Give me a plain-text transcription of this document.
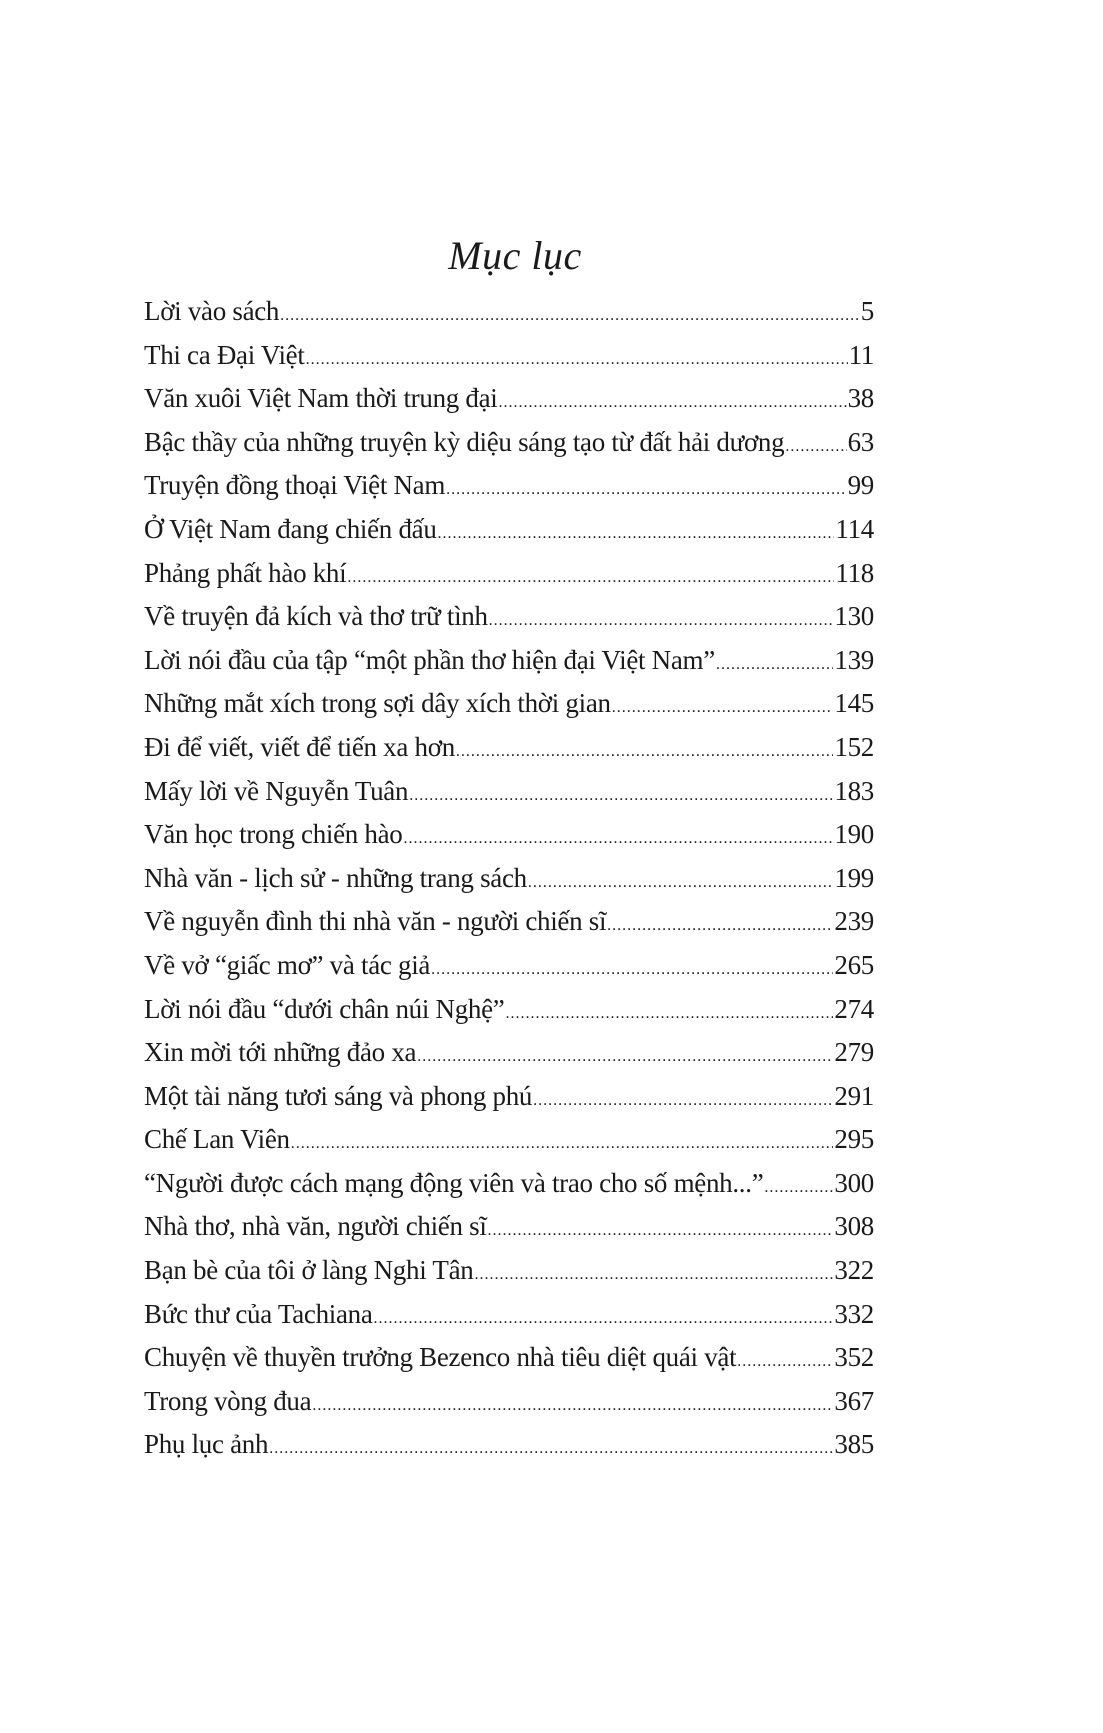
Mục lục
Lời vào sách .....	5
Thi ca Đại Việt .....	11
Văn xuôi Việt Nam thời trung đại .....	38
Bậc thầy của những truyện kỳ diệu sáng tạo từ đất hải dương ..... 63
Truyện đồng thoại Việt Nam .....	99
Ở Việt Nam đang chiến đấu .....	114
Phảng phất hào khí .....	118
Về truyện đả kích và thơ trữ tình .....	130
Lời nói đầu của tập “một phần thơ hiện đại Việt Nam” .....	139
Những mắt xích trong sợi dây xích thời gian .....	145
Đi để viết, viết để tiến xa hơn .....	152
Mấy lời về Nguyễn Tuân .....	183
Văn học trong chiến hào .....	190
Nhà văn - lịch sử - những trang sách .....	199
Về nguyễn đình thi nhà văn - người chiến sĩ .....	239
Về vở “giấc mơ” và tác giả .....	265
Lời nói đầu “dưới chân núi Nghệ” .....	274
Xin mời tới những đảo xa .....	279
Một tài năng tươi sáng và phong phú .....	291
Chế Lan Viên .....	295
“Người được cách mạng động viên và trao cho số mệnh...” .....	300
Nhà thơ, nhà văn, người chiến sĩ .....	308
Bạn bè của tôi ở làng Nghi Tân .....	322
Bức thư của Tachiana .....	332
Chuyện về thuyền trưởng Bezenco nhà tiêu diệt quái vật .....	352
Trong vòng đua .....	367
Phụ lục ảnh .....	385
